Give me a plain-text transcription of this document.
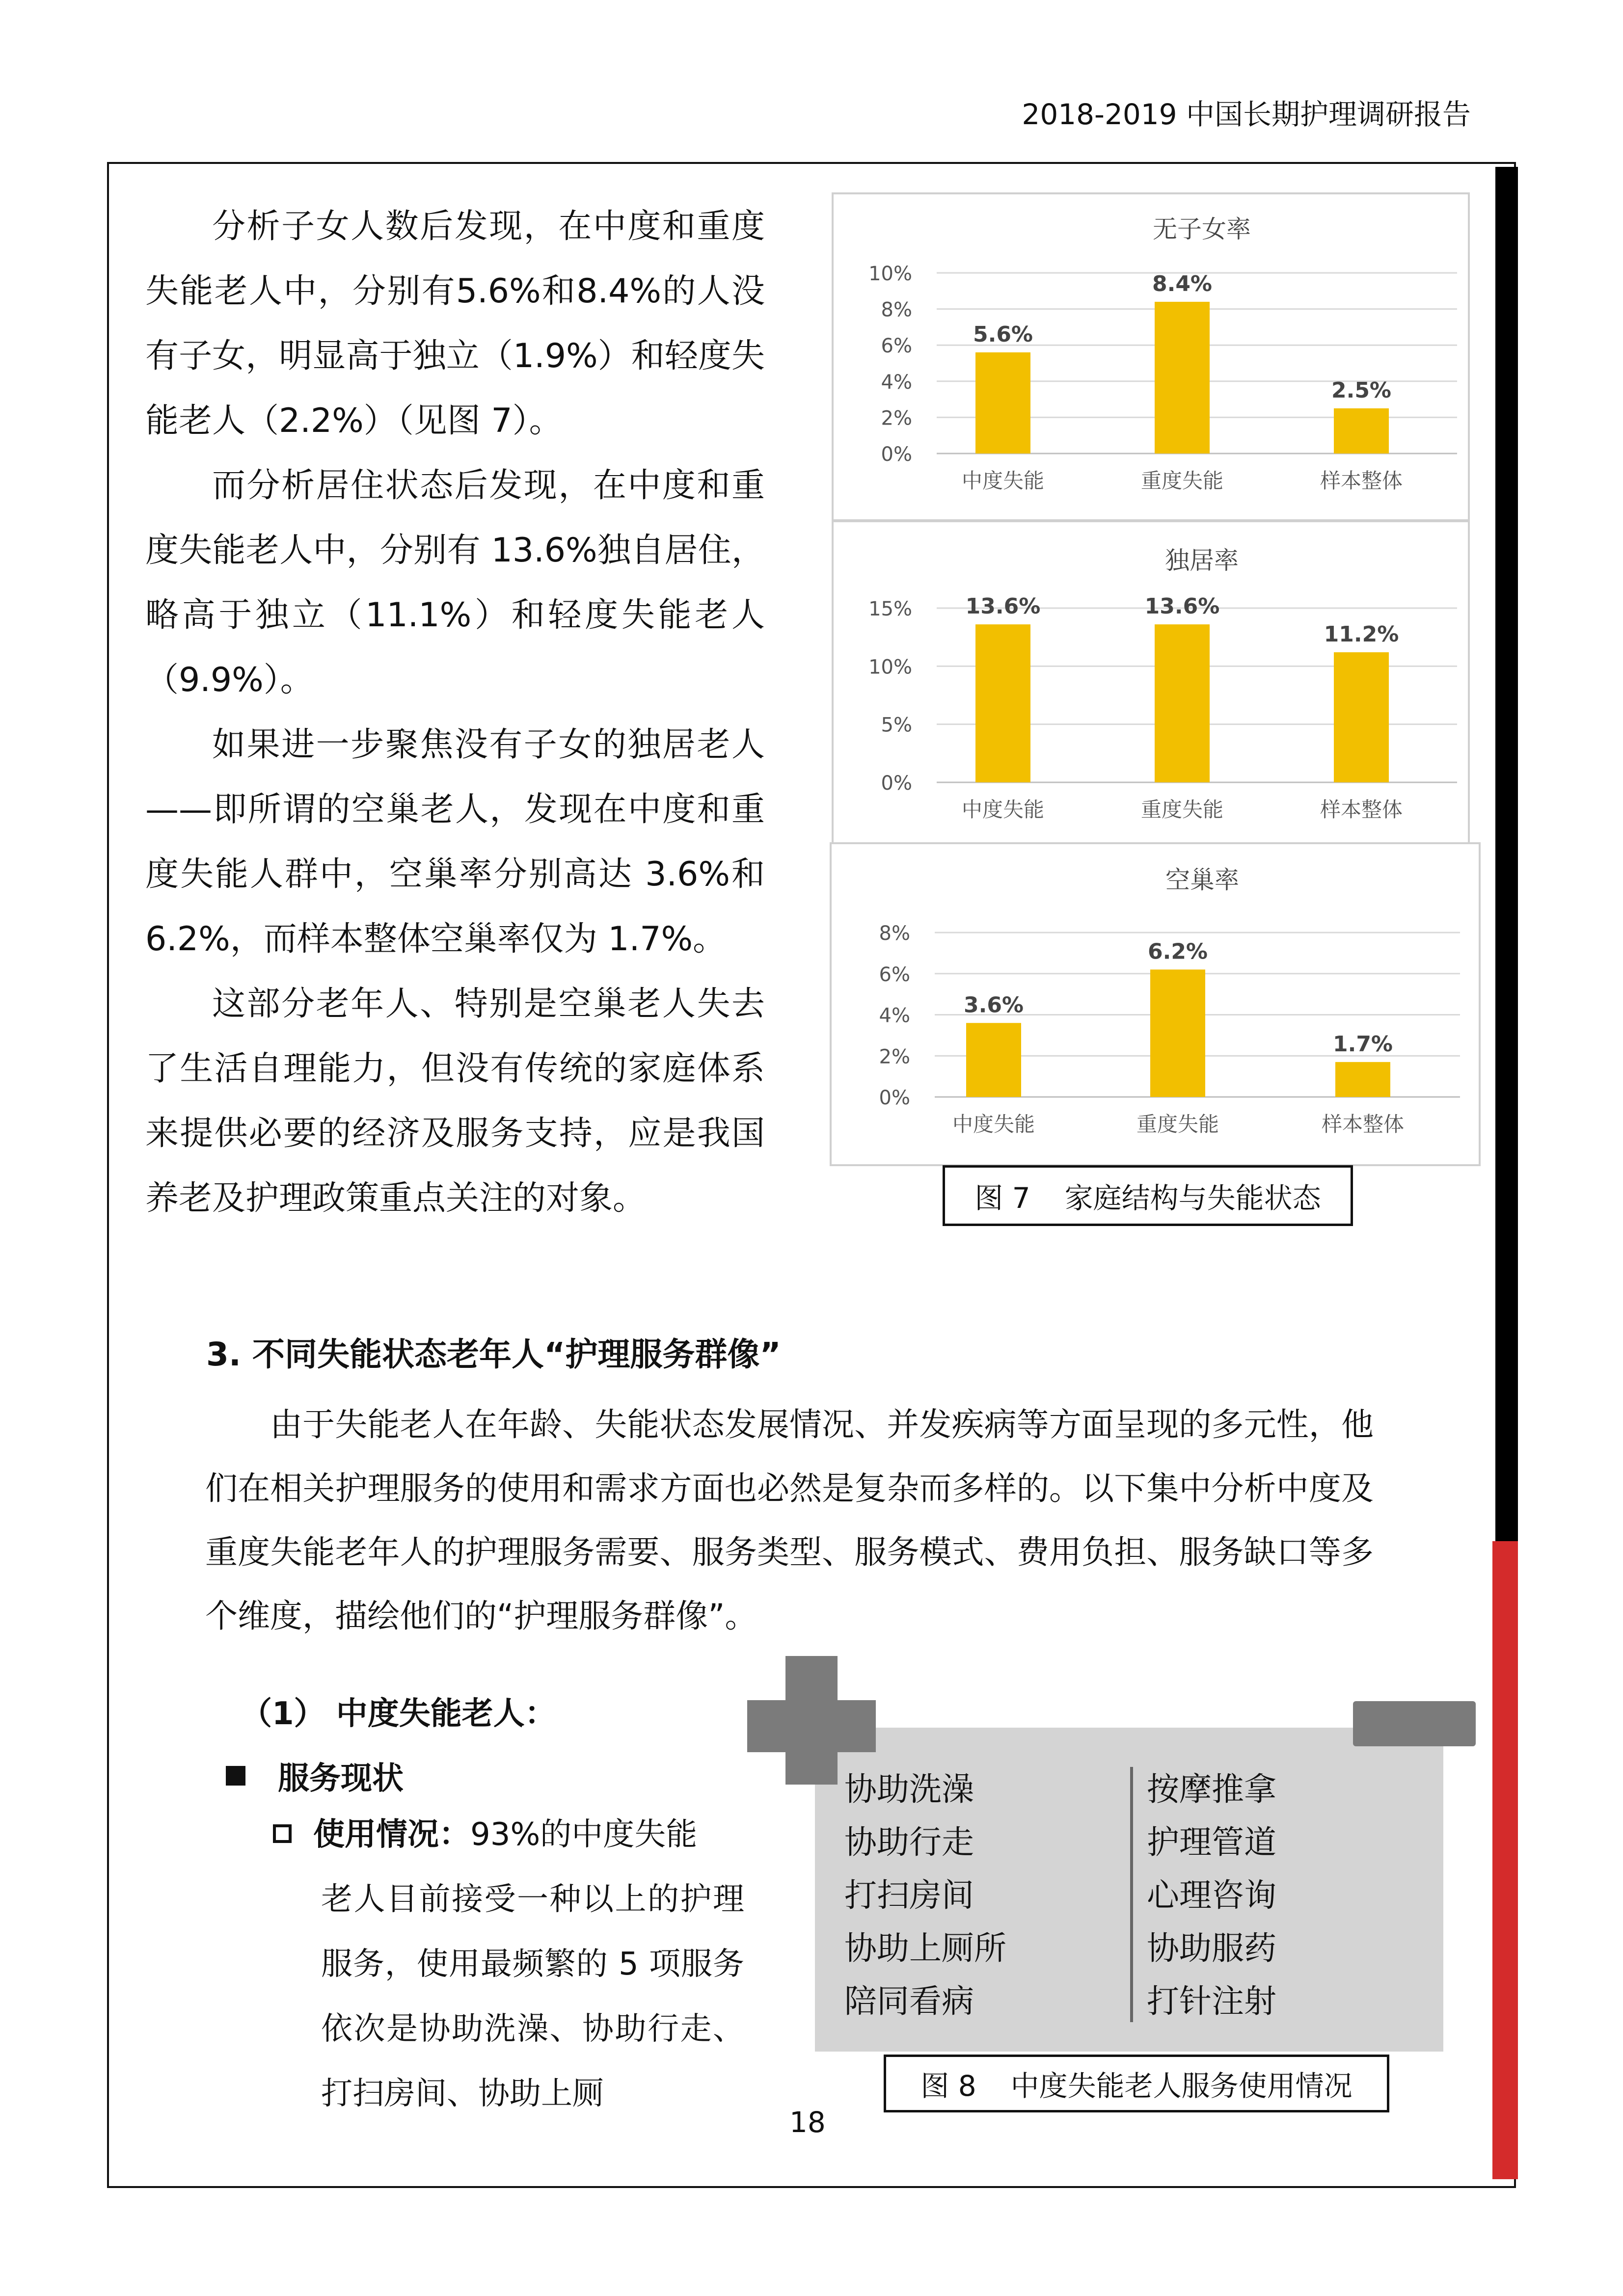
2018-2019 中国长期护理调研报告

分析子女人数后发现，在中度和重度失能老人中，分别有5.6%和8.4%的人没有子女，明显高于独立（1.9%）和轻度失能老人（2.2%）（见图 7）。

而分析居住状态后发现，在中度和重度失能老人中，分别有 13.6%独自居住，略高于独立（11.1%）和轻度失能老人（9.9%）。

如果进一步聚焦没有子女的独居老人——即所谓的空巢老人，发现在中度和重度失能人群中，空巢率分别高达 3.6%和 6.2%，而样本整体空巢率仅为 1.7%。

这部分老年人、特别是空巢老人失去了生活自理能力，但没有传统的家庭体系来提供必要的经济及服务支持，应是我国养老及护理政策重点关注的对象。

无子女率
0%
2%
4%
6%
8%
10%
5.6%
中度失能
8.4%
重度失能
2.5%
样本整体
独居率
0%
5%
10%
15% 13.6%
中度失能
13.6%
重度失能
11.2%
样本整体
空巢率
0%
2%
4%
6%
8%
3.6%
中度失能
6.2%
重度失能
1.7%
样本整体
图 7 家庭结构与失能状态
3. 不同失能状态老年人“护理服务群像”

由于失能老人在年龄、失能状态发展情况、并发疾病等方面呈现的多元性，他们在相关护理服务的使用和需求方面也必然是复杂而多样的。以下集中分析中度及重度失能老年人的护理服务需要、服务类型、服务模式、费用负担、服务缺口等多个维度，描绘他们的“护理服务群像”。

（1） 中度失能老人：
服务现状
使用情况：93%的中度失能
老人目前接受一种以上的护理服务，使用最频繁的 5 项服务依次是协助洗澡、协助行走、打扫房间、协助上厕
协助洗澡
协助行走
打扫房间
协助上厕所
陪同看病
按摩推拿
护理管道
心理咨询
协助服药
打针注射
图 8 中度失能老人服务使用情况
18
